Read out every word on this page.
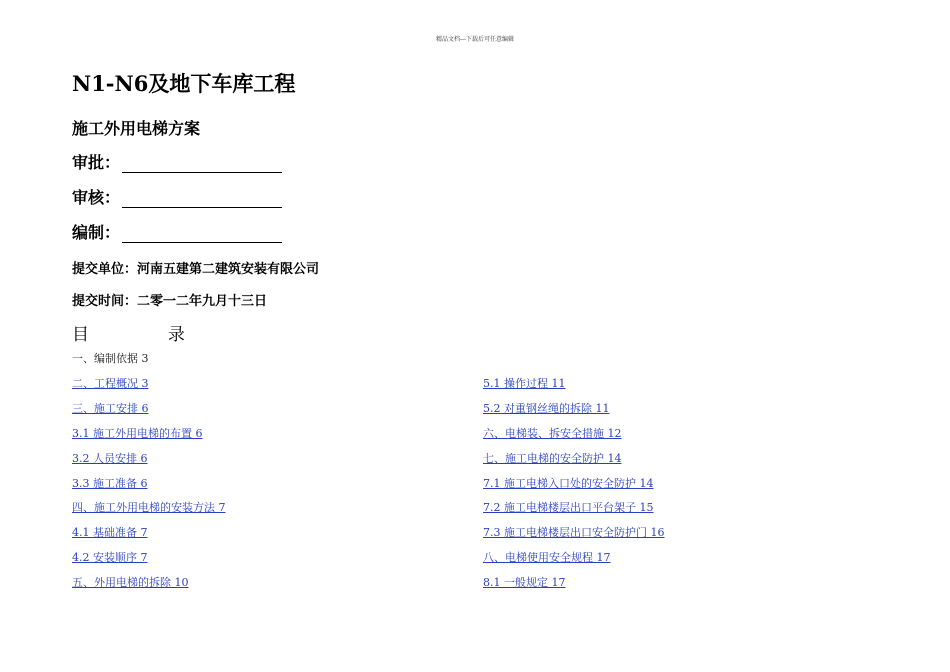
精品文档---下载后可任意编辑
N1-N6及地下车库工程
施工外用电梯方案
审批：
审核：
编制：
提交单位：河南五建第二建筑安装有限公司
提交时间：二零一二年九月十三日
目	录
一、编制依据 3
二、工程概况 3
三、施工安排 6
3.1 施工外用电梯的布置 6
3.2 人员安排 6
3.3 施工准备 6
四、施工外用电梯的安装方法 7
4.1 基础准备 7
4.2 安装顺序 7
五、外用电梯的拆除 10
5.1 操作过程 11
5.2 对重钢丝绳的拆除 11
六、电梯装、拆安全措施 12
七、施工电梯的安全防护 14
7.1 施工电梯入口处的安全防护 14
7.2 施工电梯楼层出口平台架子 15
7.3 施工电梯楼层出口安全防护门 16
八、电梯使用安全规程 17
8.1 一般规定 17
